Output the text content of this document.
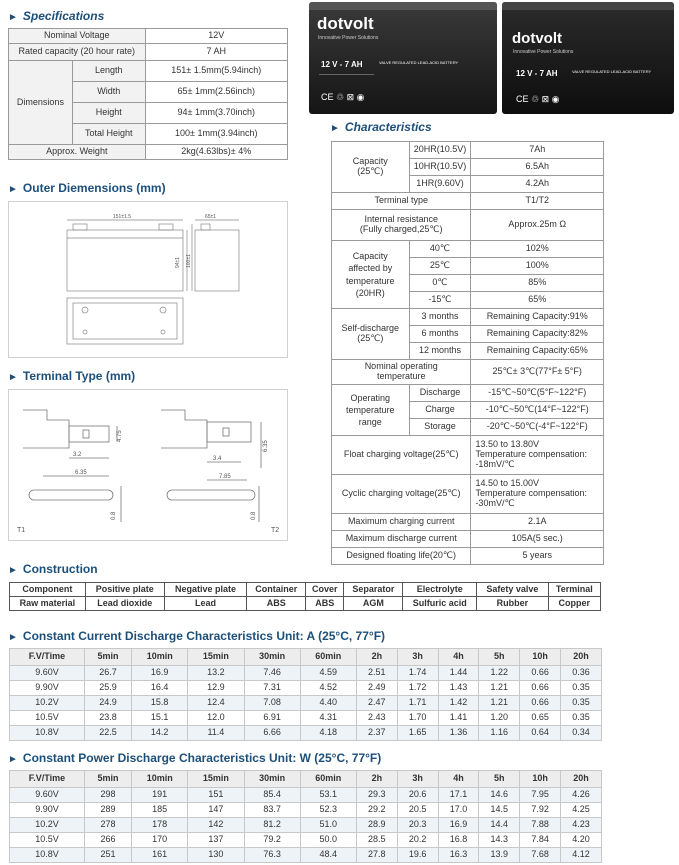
► Specifications
Nominal Voltage		12V
Rated capacity (20 hour rate)		7 AH
Dimensions	Length	151± 1.5mm(5.94inch)
	Width	65± 1mm(2.56inch)
	Height	94± 1mm(3.70inch)
	Total Height	100± 1mm(3.94inch)
Approx. Weight		2kg(4.63lbs)± 4%
dotvolt
Innovative Power Solutions
12 V - 7 AH	VALVE REGULATED LEAD-ACID BATTERY
CE ♲ ⊠ ◉
dotvolt
Innovative Power Solutions
12 V - 7 AH	VALVE REGULATED LEAD-ACID BATTERY
CE ♲ ⊠ ◉
► Outer Diemensions (mm)
151±1.5	65±1
94±1 100±1
► Terminal Type (mm)
3.2
6.35
4.75
0.8
3.4
7.85
6.35
0.8
T1	T2
► Characteristics
Capacity
(25℃)	20HR(10.5V)	7Ah
	10HR(10.5V)	6.5Ah
	1HR(9.60V)	4.2Ah
Terminal type		T1/T2
Internal resistance
(Fully charged,25℃)		Approx.25m Ω
Capacity
affected by
temperature
(20HR)	40℃	102%
	25℃	100%
	0℃	85%
	-15℃	65%
Self-discharge
(25℃)	3 months	Remaining Capacity:91%
	6 months	Remaining Capacity:82%
	12 months	Remaining Capacity:65%
Nominal operating
temperature		25℃± 3℃(77°F± 5°F)
Operating
temperature
range	Discharge	-15℃~50℃(5°F~122°F)
	Charge	-10℃~50℃(14°F~122°F)
	Storage	-20℃~50℃(-4°F~122°F)
Float charging voltage(25℃)		13.50 to 13.80V
Temperature compensation:
-18mV/℃
Cyclic charging voltage(25℃)		14.50 to 15.00V
Temperature compensation:
-30mV/℃
Maximum charging current		2.1A
Maximum discharge current		105A(5 sec.)
Designed floating life(20℃)		5 years
► Construction
Component	Positive plate	Negative plate	Container	Cover	Separator	Electrolyte	Safety valve	Terminal
Raw material	Lead dioxide	Lead	ABS	ABS	AGM	Sulfuric acid	Rubber	Copper
► Constant Current Discharge Characteristics Unit: A (25°C, 77°F)
F.V/Time	5min	10min	15min	30min	60min	2h	3h	4h	5h	10h	20h
9.60V	26.7	16.9	13.2	7.46	4.59	2.51	1.74	1.44	1.22	0.66	0.36
9.90V	25.9	16.4	12.9	7.31	4.52	2.49	1.72	1.43	1.21	0.66	0.35
10.2V	24.9	15.8	12.4	7.08	4.40	2.47	1.71	1.42	1.21	0.66	0.35
10.5V	23.8	15.1	12.0	6.91	4.31	2.43	1.70	1.41	1.20	0.65	0.35
10.8V	22.5	14.2	11.4	6.66	4.18	2.37	1.65	1.36	1.16	0.64	0.34
► Constant Power Discharge Characteristics Unit: W (25°C, 77°F)
F.V/Time	5min	10min	15min	30min	60min	2h	3h	4h	5h	10h	20h
9.60V	298	191	151	85.4	53.1	29.3	20.6	17.1	14.6	7.95	4.26
9.90V	289	185	147	83.7	52.3	29.2	20.5	17.0	14.5	7.92	4.25
10.2V	278	178	142	81.2	51.0	28.9	20.3	16.9	14.4	7.88	4.23
10.5V	266	170	137	79.2	50.0	28.5	20.2	16.8	14.3	7.84	4.20
10.8V	251	161	130	76.3	48.4	27.8	19.6	16.3	13.9	7.68	4.12
